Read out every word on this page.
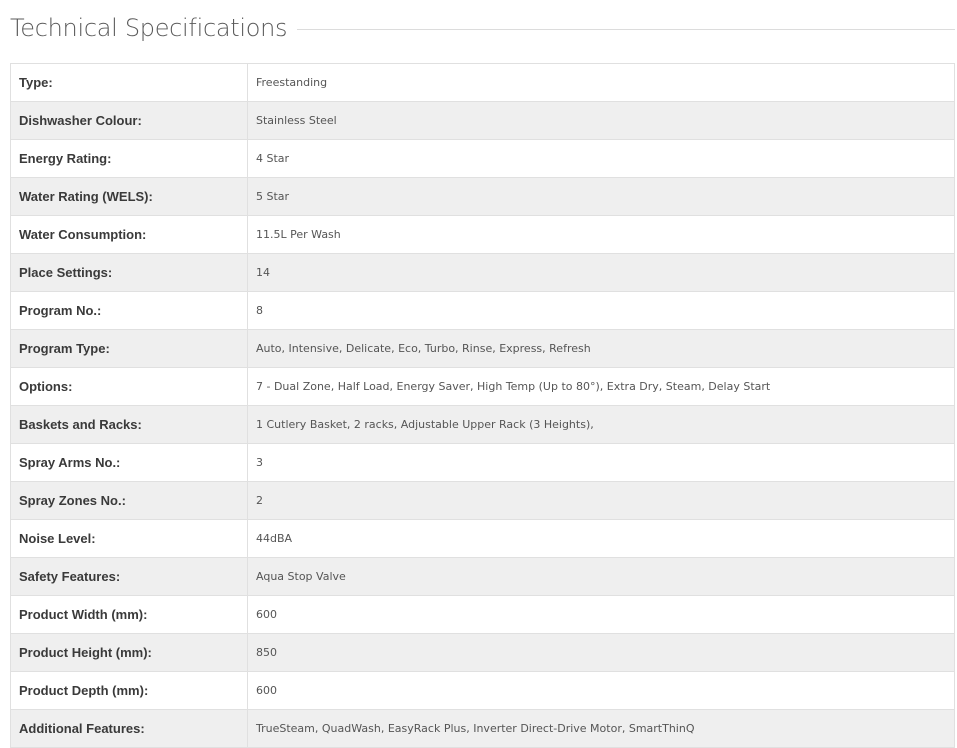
Technical Specifications
Type:	Freestanding
Dishwasher Colour:	Stainless Steel
Energy Rating:	4 Star
Water Rating (WELS):	5 Star
Water Consumption:	11.5L Per Wash
Place Settings:	14
Program No.:	8
Program Type:	Auto, Intensive, Delicate, Eco, Turbo, Rinse, Express, Refresh
Options:	7 - Dual Zone, Half Load, Energy Saver, High Temp (Up to 80°), Extra Dry, Steam, Delay Start
Baskets and Racks:	1 Cutlery Basket, 2 racks, Adjustable Upper Rack (3 Heights),
Spray Arms No.:	3
Spray Zones No.:	2
Noise Level:	44dBA
Safety Features:	Aqua Stop Valve
Product Width (mm):	600
Product Height (mm):	850
Product Depth (mm):	600
Additional Features:	TrueSteam, QuadWash, EasyRack Plus, Inverter Direct-Drive Motor, SmartThinQ
